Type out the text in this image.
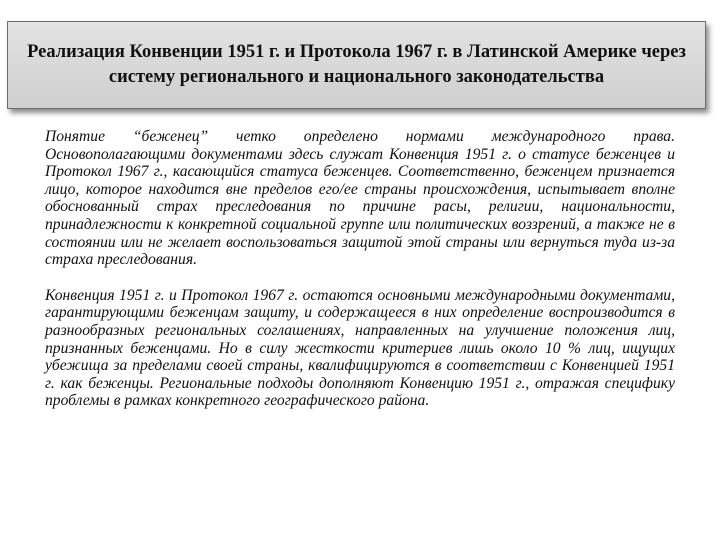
Реализация Конвенции 1951 г. и Протокола 1967 г. в Латинской Америке через систему регионального и национального законодательства

Понятие “беженец” четко определено нормами международного права. Основополагающими документами здесь служат Конвенция 1951 г. о статусе беженцев и Протокол 1967 г., касающийся статуса беженцев. Соответственно, беженцем признается лицо, которое находится вне пределов его/ее страны происхождения, испытывает вполне обоснованный страх преследования по причине расы, религии, национальности, принадлежности к конкретной социальной группе или политических воззрений, а также не в состоянии или не желает воспользоваться защитой этой страны или вернуться туда из-за страха преследования.

Конвенция 1951 г. и Протокол 1967 г. остаются основными международными документами, гарантирующими беженцам защиту, и содержащееся в них определение воспроизводится в разнообразных региональных соглашениях, направленных на улучшение положения лиц, признанных беженцами. Но в силу жесткости критериев лишь около 10 % лиц, ищущих убежища за пределами своей страны, квалифицируются в соответствии с Конвенцией 1951 г. как беженцы. Региональные подходы дополняют Конвенцию 1951 г., отражая специфику проблемы в рамках конкретного географического района.
